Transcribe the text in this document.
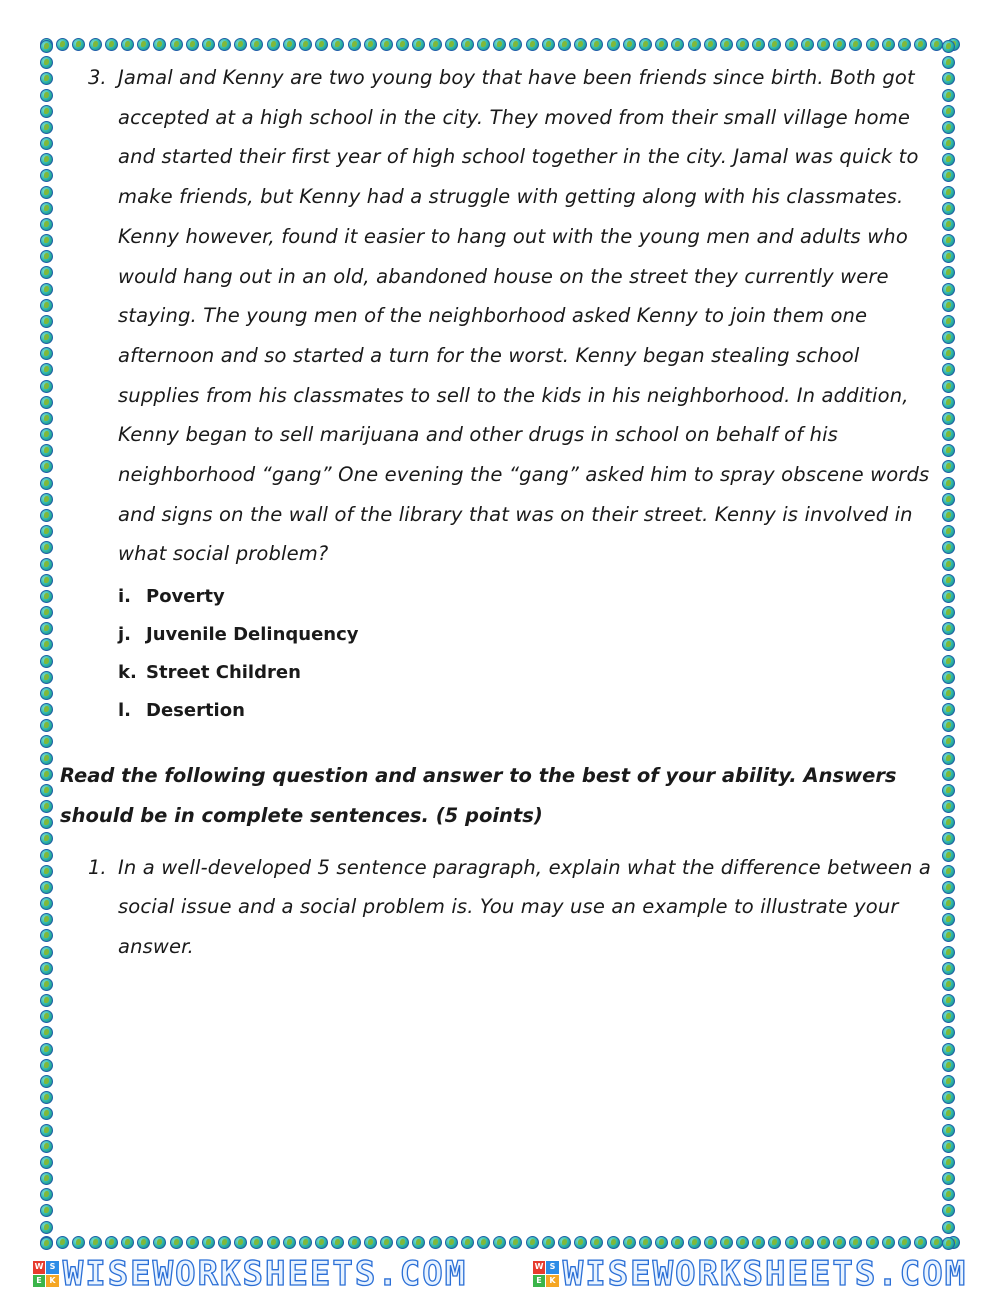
3. Jamal and Kenny are two young boy that have been friends since birth. Both got accepted at a high school in the city. They moved from their small village home and started their first year of high school together in the city. Jamal was quick to make friends, but Kenny had a struggle with getting along with his classmates. Kenny however, found it easier to hang out with the young men and adults who would hang out in an old, abandoned house on the street they currently were staying. The young men of the neighborhood asked Kenny to join them one afternoon and so started a turn for the worst. Kenny began stealing school supplies from his classmates to sell to the kids in his neighborhood. In addition, Kenny began to sell marijuana and other drugs in school on behalf of his neighborhood “gang” One evening the “gang” asked him to spray obscene words and signs on the wall of the library that was on their street. Kenny is involved in what social problem?

i. Poverty
j. Juvenile Delinquency
k. Street Children
l. Desertion

Read the following question and answer to the best of your ability. Answers should be in complete sentences. (5 points)

1. In a well-developed 5 sentence paragraph, explain what the difference between a social issue and a social problem is. You may use an example to illustrate your answer.

W S
E K WISEWORKSHEETS.COM	W S
E K WISEWORKSHEETS.COM
